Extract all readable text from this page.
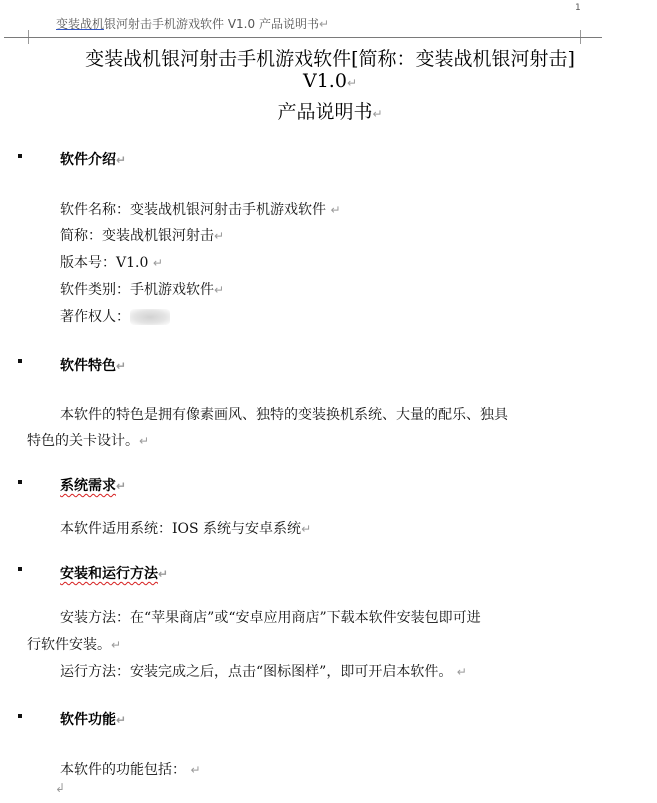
1
变装战机银河射击手机游戏软件 V1.0 产品说明书↵
变装战机银河射击手机游戏软件[简称：变装战机银河射击]
V1.0↵
产品说明书↵
软件介绍↵
软件名称：变装战机银河射击手机游戏软件 ↵
简称：变装战机银河射击↵
版本号：V1.0 ↵
软件类别：手机游戏软件↵
著作权人：
软件特色↵
本软件的特色是拥有像素画风、独特的变装换机系统、大量的配乐、独具
特色的关卡设计。↵
系统需求↵
本软件适用系统：IOS 系统与安卓系统↵
安装和运行方法↵
安装方法：在“苹果商店”或“安卓应用商店”下载本软件安装包即可进
行软件安装。↵
运行方法：安装完成之后，点击“图标图样”，即可开启本软件。 ↵
软件功能↵
本软件的功能包括： ↵
↲
